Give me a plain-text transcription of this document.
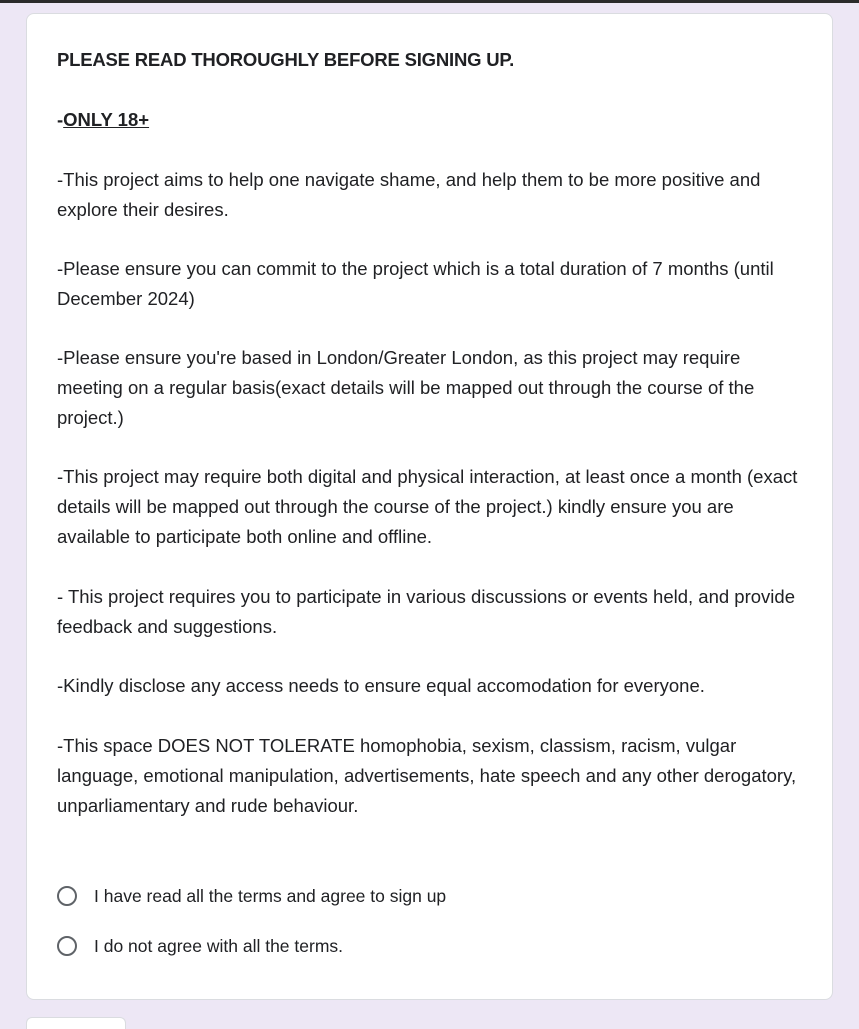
PLEASE READ THOROUGHLY BEFORE SIGNING UP.
-ONLY 18+

-This project aims to help one navigate shame, and help them to be more positive and explore their desires.

-Please ensure you can commit to the project which is a total duration of 7 months (until December 2024)

-Please ensure you're based in London/Greater London, as this project may require meeting on a regular basis(exact details will be mapped out through the course of the project.)

-This project may require both digital and physical interaction, at least once a month (exact details will be mapped out through the course of the project.) kindly ensure you are available to participate both online and offline.

- This project requires you to participate in various discussions or events held, and provide feedback and suggestions.

-Kindly disclose any access needs to ensure equal accomodation for everyone.

-This space DOES NOT TOLERATE homophobia, sexism, classism, racism, vulgar language, emotional manipulation, advertisements, hate speech and any other derogatory, unparliamentary and rude behaviour.

I have read all the terms and agree to sign up
I do not agree with all the terms.
